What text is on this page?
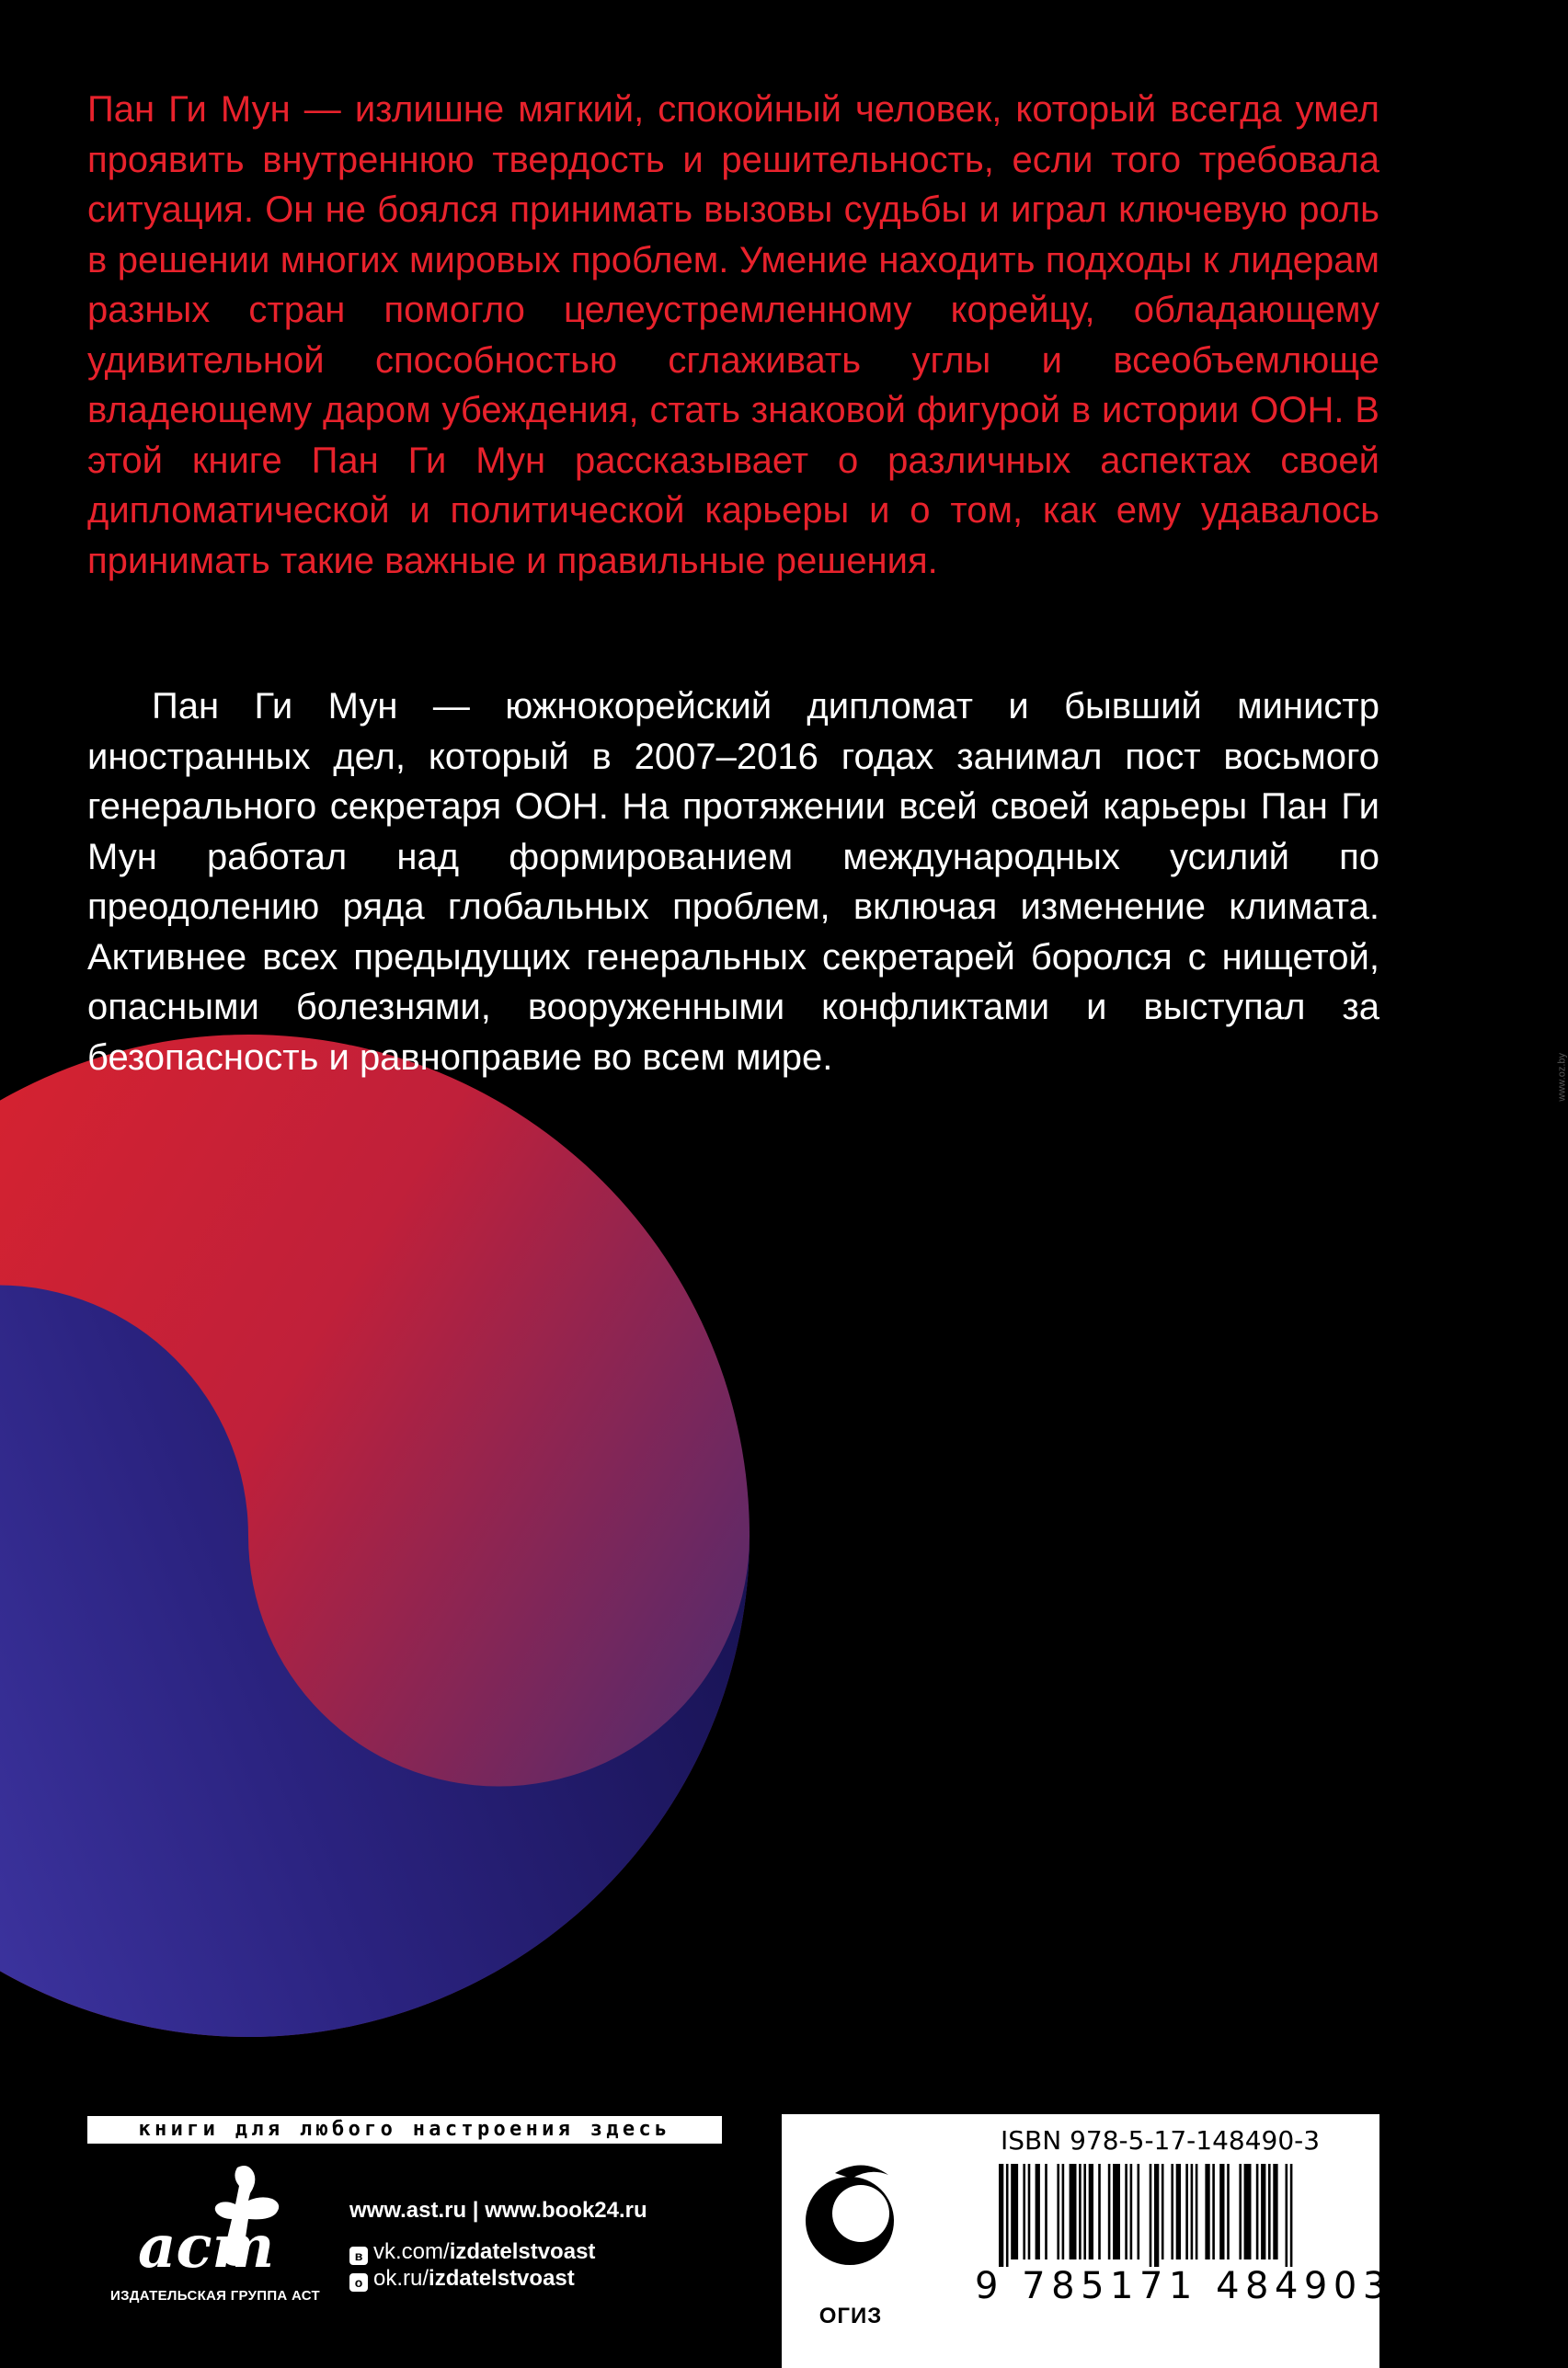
Пан Ги Мун — излишне мягкий, спокойный человек, который всегда умел проявить внутреннюю твердость и решительность, если того требовала ситуация. Он не боялся принимать вызовы судьбы и играл ключевую роль в решении многих мировых проблем. Умение находить подходы к лидерам разных стран помогло целеустремленному корейцу, обладающему удивительной способностью сглаживать углы и всеобъемлюще владеющему даром убеждения, стать знаковой фигурой в истории ООН. В этой книге Пан Ги Мун рассказывает о различных аспектах своей дипломатической и политической карьеры и о том, как ему удавалось принимать такие важные и правильные решения.

Пан Ги Мун — южнокорейский дипломат и бывший министр иностранных дел, который в 2007–2016 годах занимал пост восьмого генерального секретаря ООН. На протяжении всей своей карьеры Пан Ги Мун работал над формированием международных усилий по преодолению ряда глобальных проблем, включая изменение климата. Активнее всех предыдущих генеральных секретарей боролся с нищетой, опасными болезнями, вооруженными конфликтами и выступал за безопасность и равноправие во всем мире.	www.oz.by
книги для любого настроения здесь
аст
ИЗДАТЕЛЬСКАЯ ГРУППА АСТ
www.ast.ru | www.book24.ru
в vk.com/izdatelstvoast
о ok.ru/izdatelstvoast
ОГИЗ
ISBN 978-5-17-148490-3
9 785171 484903
